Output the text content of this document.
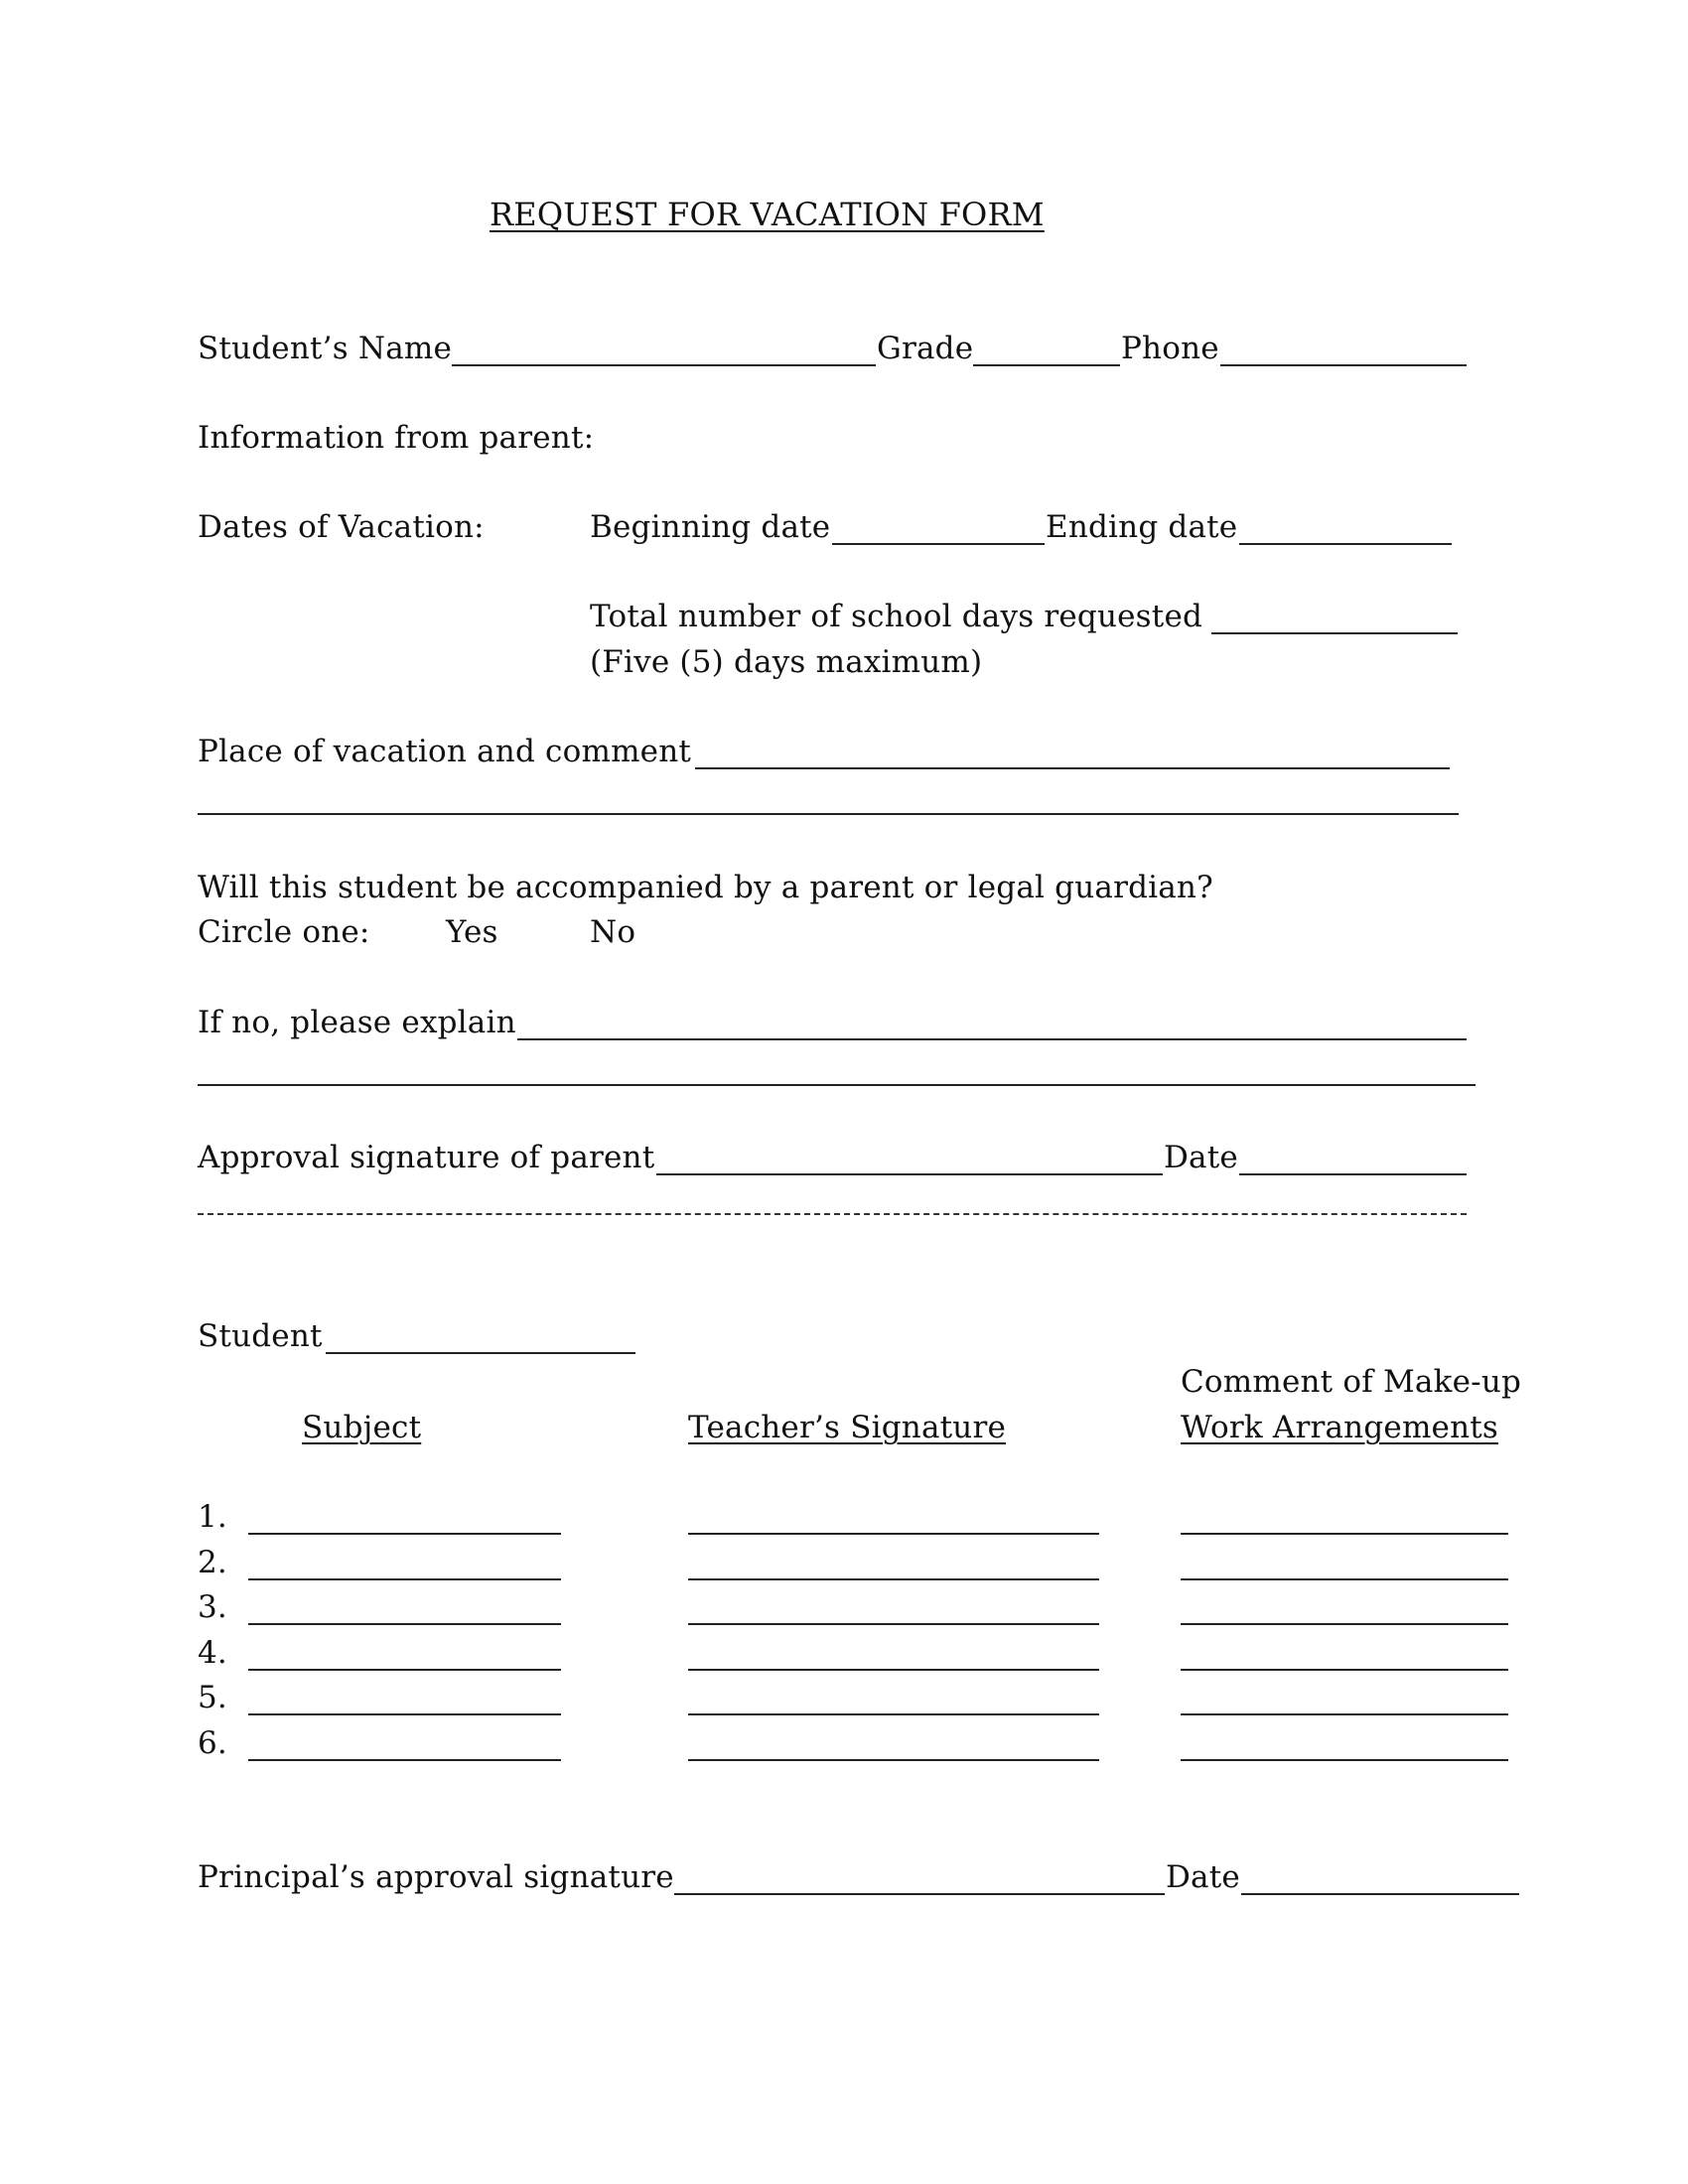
REQUEST FOR VACATION FORM
Student’s Name	Grade	Phone
Information from parent:
Dates of Vacation:	Beginning date	Ending date
Total number of school days requested
(Five (5) days maximum)
Place of vacation and comment
Will this student be accompanied by a parent or legal guardian?
Circle one: Yes	No
If no, please explain
Approval signature of parent	Date
Student
Comment of Make-up
Subject	Teacher’s Signature	Work Arrangements
1.
2.
3.
4.
5.
6.
Principal’s approval signature	Date
